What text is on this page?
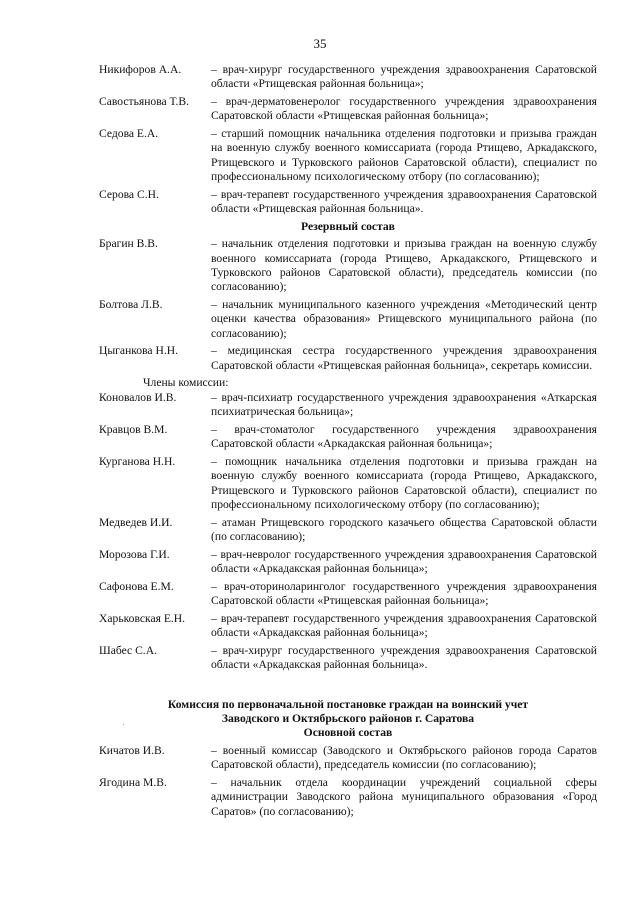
35
Никифоров А.А.	– врач-хирург государственного учреждения здравоохранения Саратовской области «Ртищевская районная больница»;
Савостьянова Т.В.	– врач-дерматовенеролог государственного учреждения здравоохранения Саратовской области «Ртищевская районная больница»;
Седова Е.А.	– старший помощник начальника отделения подготовки и призыва граждан на военную службу военного комиссариата (города Ртищево, Аркадакского, Ртищевского и Турковского районов Саратовской области), специалист по профессиональному психологическому отбору (по согласованию);
Серова С.Н.	– врач-терапевт государственного учреждения здравоохранения Саратовской области «Ртищевская районная больница».
Резервный состав
Брагин В.В.	– начальник отделения подготовки и призыва граждан на военную службу военного комиссариата (города Ртищево, Аркадакского, Ртищевского и Турковского районов Саратовской области), председатель комиссии (по согласованию);
Болтова Л.В.	– начальник муниципального казенного учреждения «Методический центр оценки качества образования» Ртищевского муниципального района (по согласованию);
Цыганкова Н.Н.	– медицинская сестра государственного учреждения здравоохранения Саратовской области «Ртищевская районная больница», секретарь комиссии.
Члены комиссии:
Коновалов И.В.	– врач-психиатр государственного учреждения здравоохранения «Аткарская психиатрическая больница»;
Кравцов В.М.	– врач-стоматолог государственного учреждения здравоохранения Саратовской области «Аркадакская районная больница»;
Курганова Н.Н.	– помощник начальника отделения подготовки и призыва граждан на военную службу военного комиссариата (города Ртищево, Аркадакского, Ртищевского и Турковского районов Саратовской области), специалист по профессиональному психологическому отбору (по согласованию);
Медведев И.И.	– атаман Ртищевского городского казачьего общества Саратовской области (по согласованию);
Морозова Г.И.	– врач-невролог государственного учреждения здравоохранения Саратовской области «Аркадакская районная больница»;
Сафонова Е.М.	– врач-оториноларинголог государственного учреждения здравоохранения Саратовской области «Ртищевская районная больница»;
Харьковская Е.Н.	– врач-терапевт государственного учреждения здравоохранения Саратовской области «Аркадакская районная больница»;
Шабес С.А.	– врач-хирург государственного учреждения здравоохранения Саратовской области «Аркадакская районная больница».
Комиссия по первоначальной постановке граждан на воинский учет
Заводского и Октябрьского районов г. Саратова
Основной состав
Кичатов И.В.	– военный комиссар (Заводского и Октябрьского районов города Саратов Саратовской области), председатель комиссии (по согласованию);
Ягодина М.В.	– начальник отдела координации учреждений социальной сферы администрации Заводского района муниципального образования «Город Саратов» (по согласованию);
